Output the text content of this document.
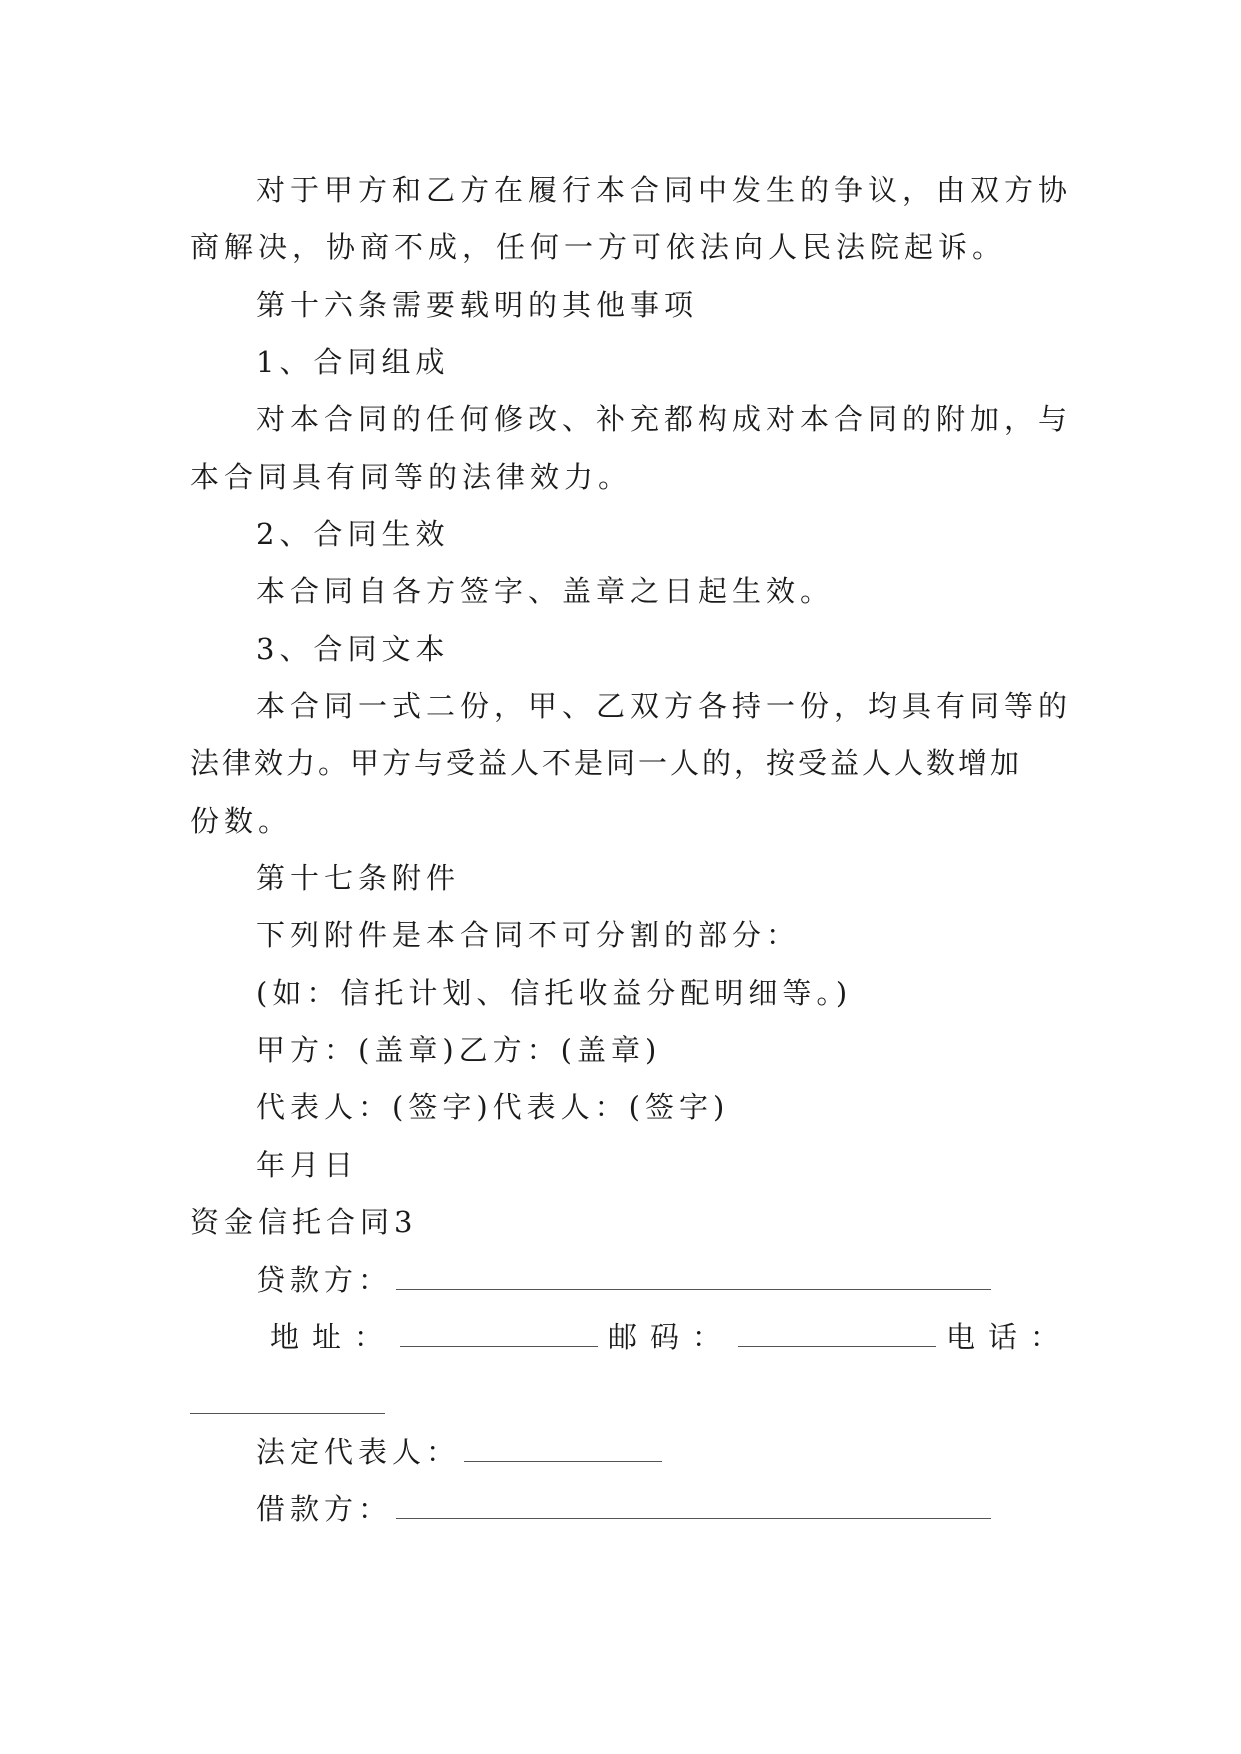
对于甲方和乙方在履行本合同中发生的争议，由双方协
商解决，协商不成，任何一方可依法向人民法院起诉。
第十六条需要载明的其他事项
1、合同组成
对本合同的任何修改、补充都构成对本合同的附加，与
本合同具有同等的法律效力。
2、合同生效
本合同自各方签字、盖章之日起生效。
3、合同文本
本合同一式二份，甲、乙双方各持一份，均具有同等的
法律效力。甲方与受益人不是同一人的，按受益人人数增加
份数。
第十七条附件
下列附件是本合同不可分割的部分：
(如：信托计划、信托收益分配明细等。)
甲方：(盖章)乙方：(盖章)
代表人：(签字)代表人：(签字)
年月日
资金信托合同3
贷款方：
地址：	邮码：	电话：
法定代表人：
借款方：
